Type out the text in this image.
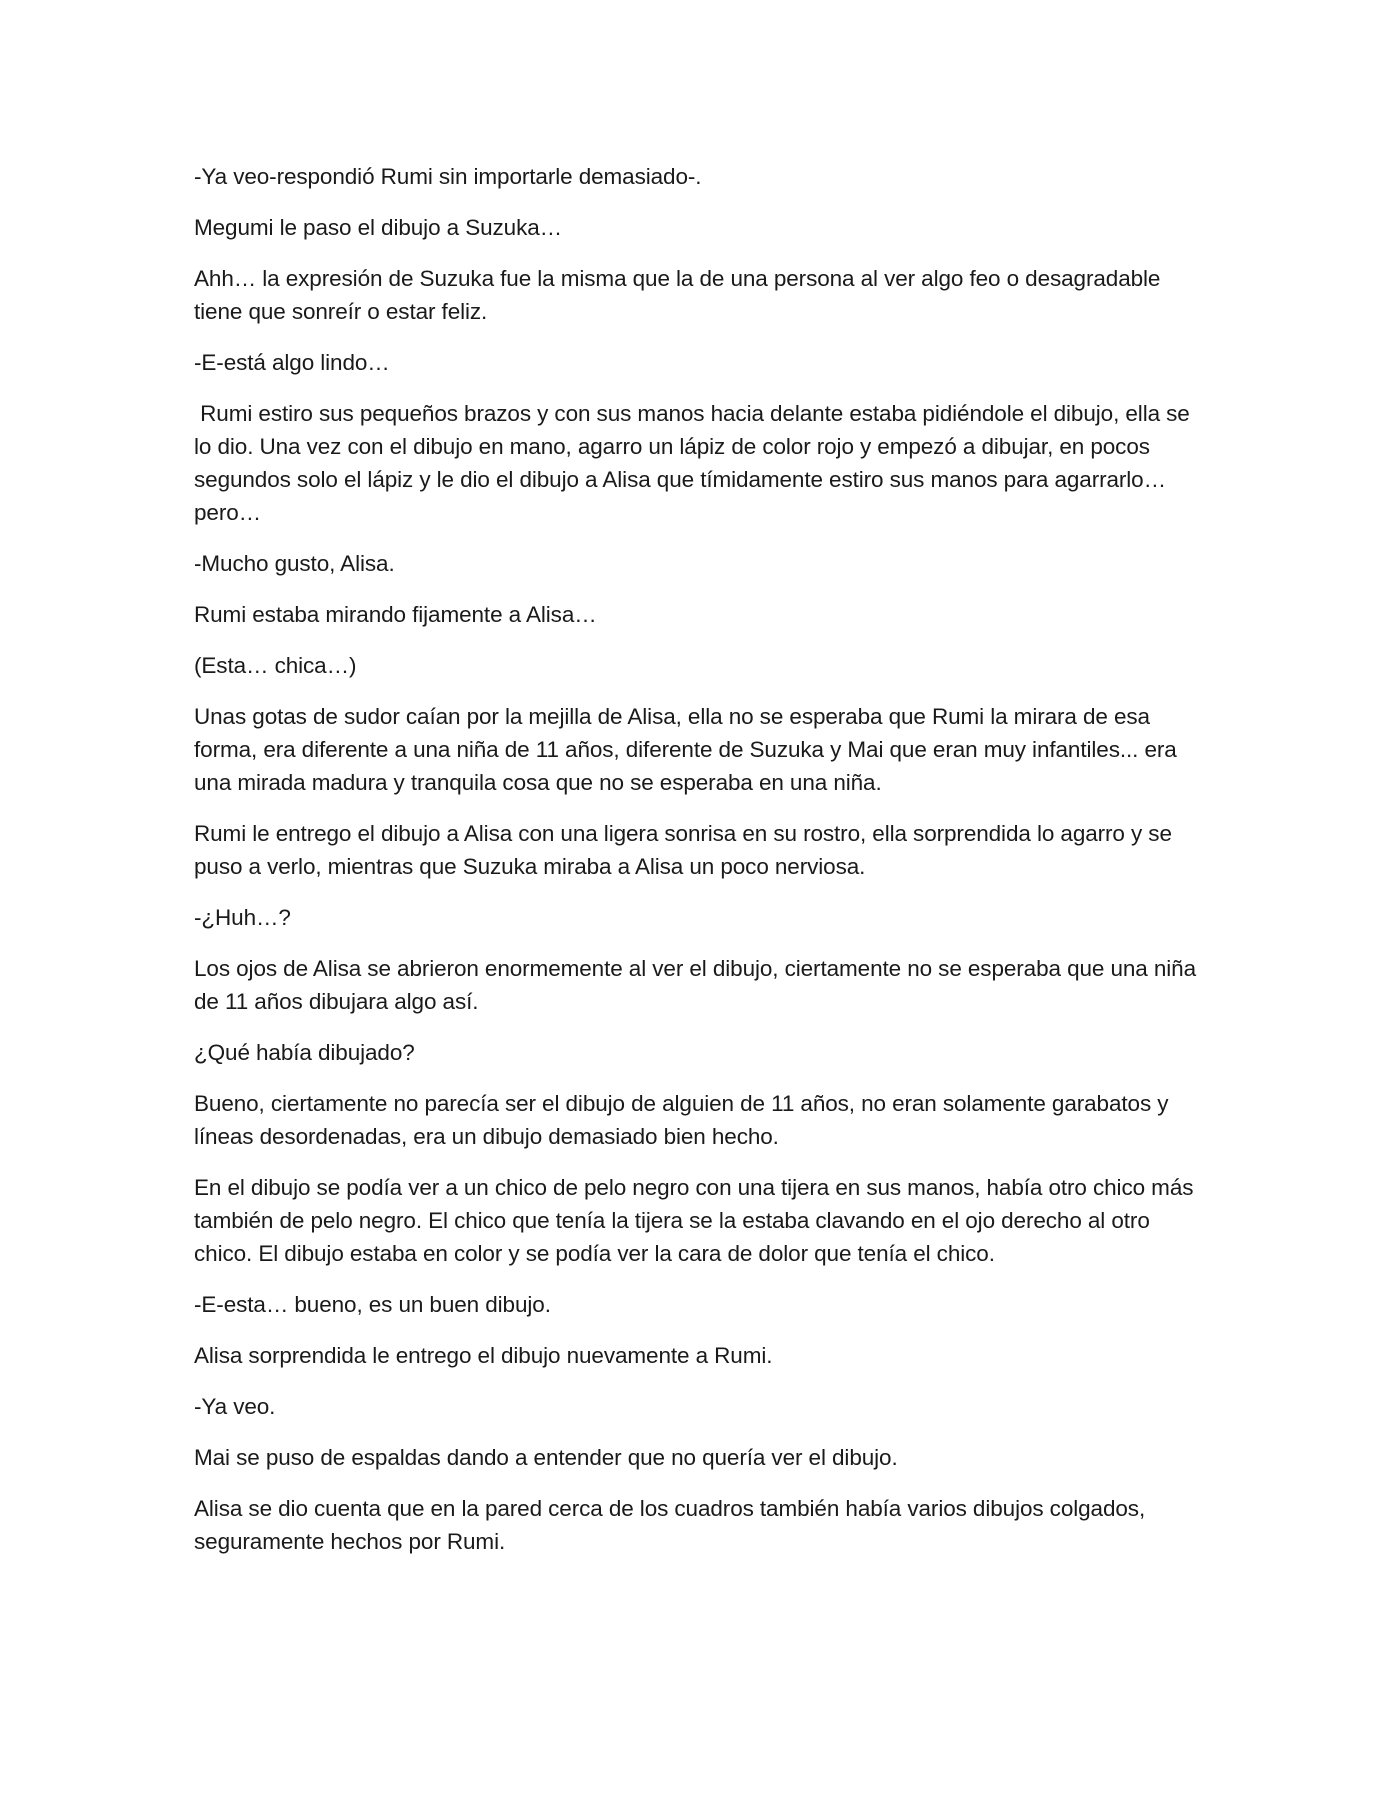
-Ya veo-respondió Rumi sin importarle demasiado-.

Megumi le paso el dibujo a Suzuka…

Ahh… la expresión de Suzuka fue la misma que la de una persona al ver algo feo o desagradable tiene que sonreír o estar feliz.

-E-está algo lindo…

Rumi estiro sus pequeños brazos y con sus manos hacia delante estaba pidiéndole el dibujo, ella se lo dio. Una vez con el dibujo en mano, agarro un lápiz de color rojo y empezó a dibujar, en pocos segundos solo el lápiz y le dio el dibujo a Alisa que tímidamente estiro sus manos para agarrarlo… pero…

-Mucho gusto, Alisa.

Rumi estaba mirando fijamente a Alisa…

(Esta… chica…)

Unas gotas de sudor caían por la mejilla de Alisa, ella no se esperaba que Rumi la mirara de esa forma, era diferente a una niña de 11 años, diferente de Suzuka y Mai que eran muy infantiles... era una mirada madura y tranquila cosa que no se esperaba en una niña.

Rumi le entrego el dibujo a Alisa con una ligera sonrisa en su rostro, ella sorprendida lo agarro y se puso a verlo, mientras que Suzuka miraba a Alisa un poco nerviosa.

-¿Huh…?

Los ojos de Alisa se abrieron enormemente al ver el dibujo, ciertamente no se esperaba que una niña de 11 años dibujara algo así.

¿Qué había dibujado?

Bueno, ciertamente no parecía ser el dibujo de alguien de 11 años, no eran solamente garabatos y líneas desordenadas, era un dibujo demasiado bien hecho.

En el dibujo se podía ver a un chico de pelo negro con una tijera en sus manos, había otro chico más también de pelo negro. El chico que tenía la tijera se la estaba clavando en el ojo derecho al otro chico. El dibujo estaba en color y se podía ver la cara de dolor que tenía el chico.

-E-esta… bueno, es un buen dibujo.

Alisa sorprendida le entrego el dibujo nuevamente a Rumi.

-Ya veo.

Mai se puso de espaldas dando a entender que no quería ver el dibujo.

Alisa se dio cuenta que en la pared cerca de los cuadros también había varios dibujos colgados, seguramente hechos por Rumi.
